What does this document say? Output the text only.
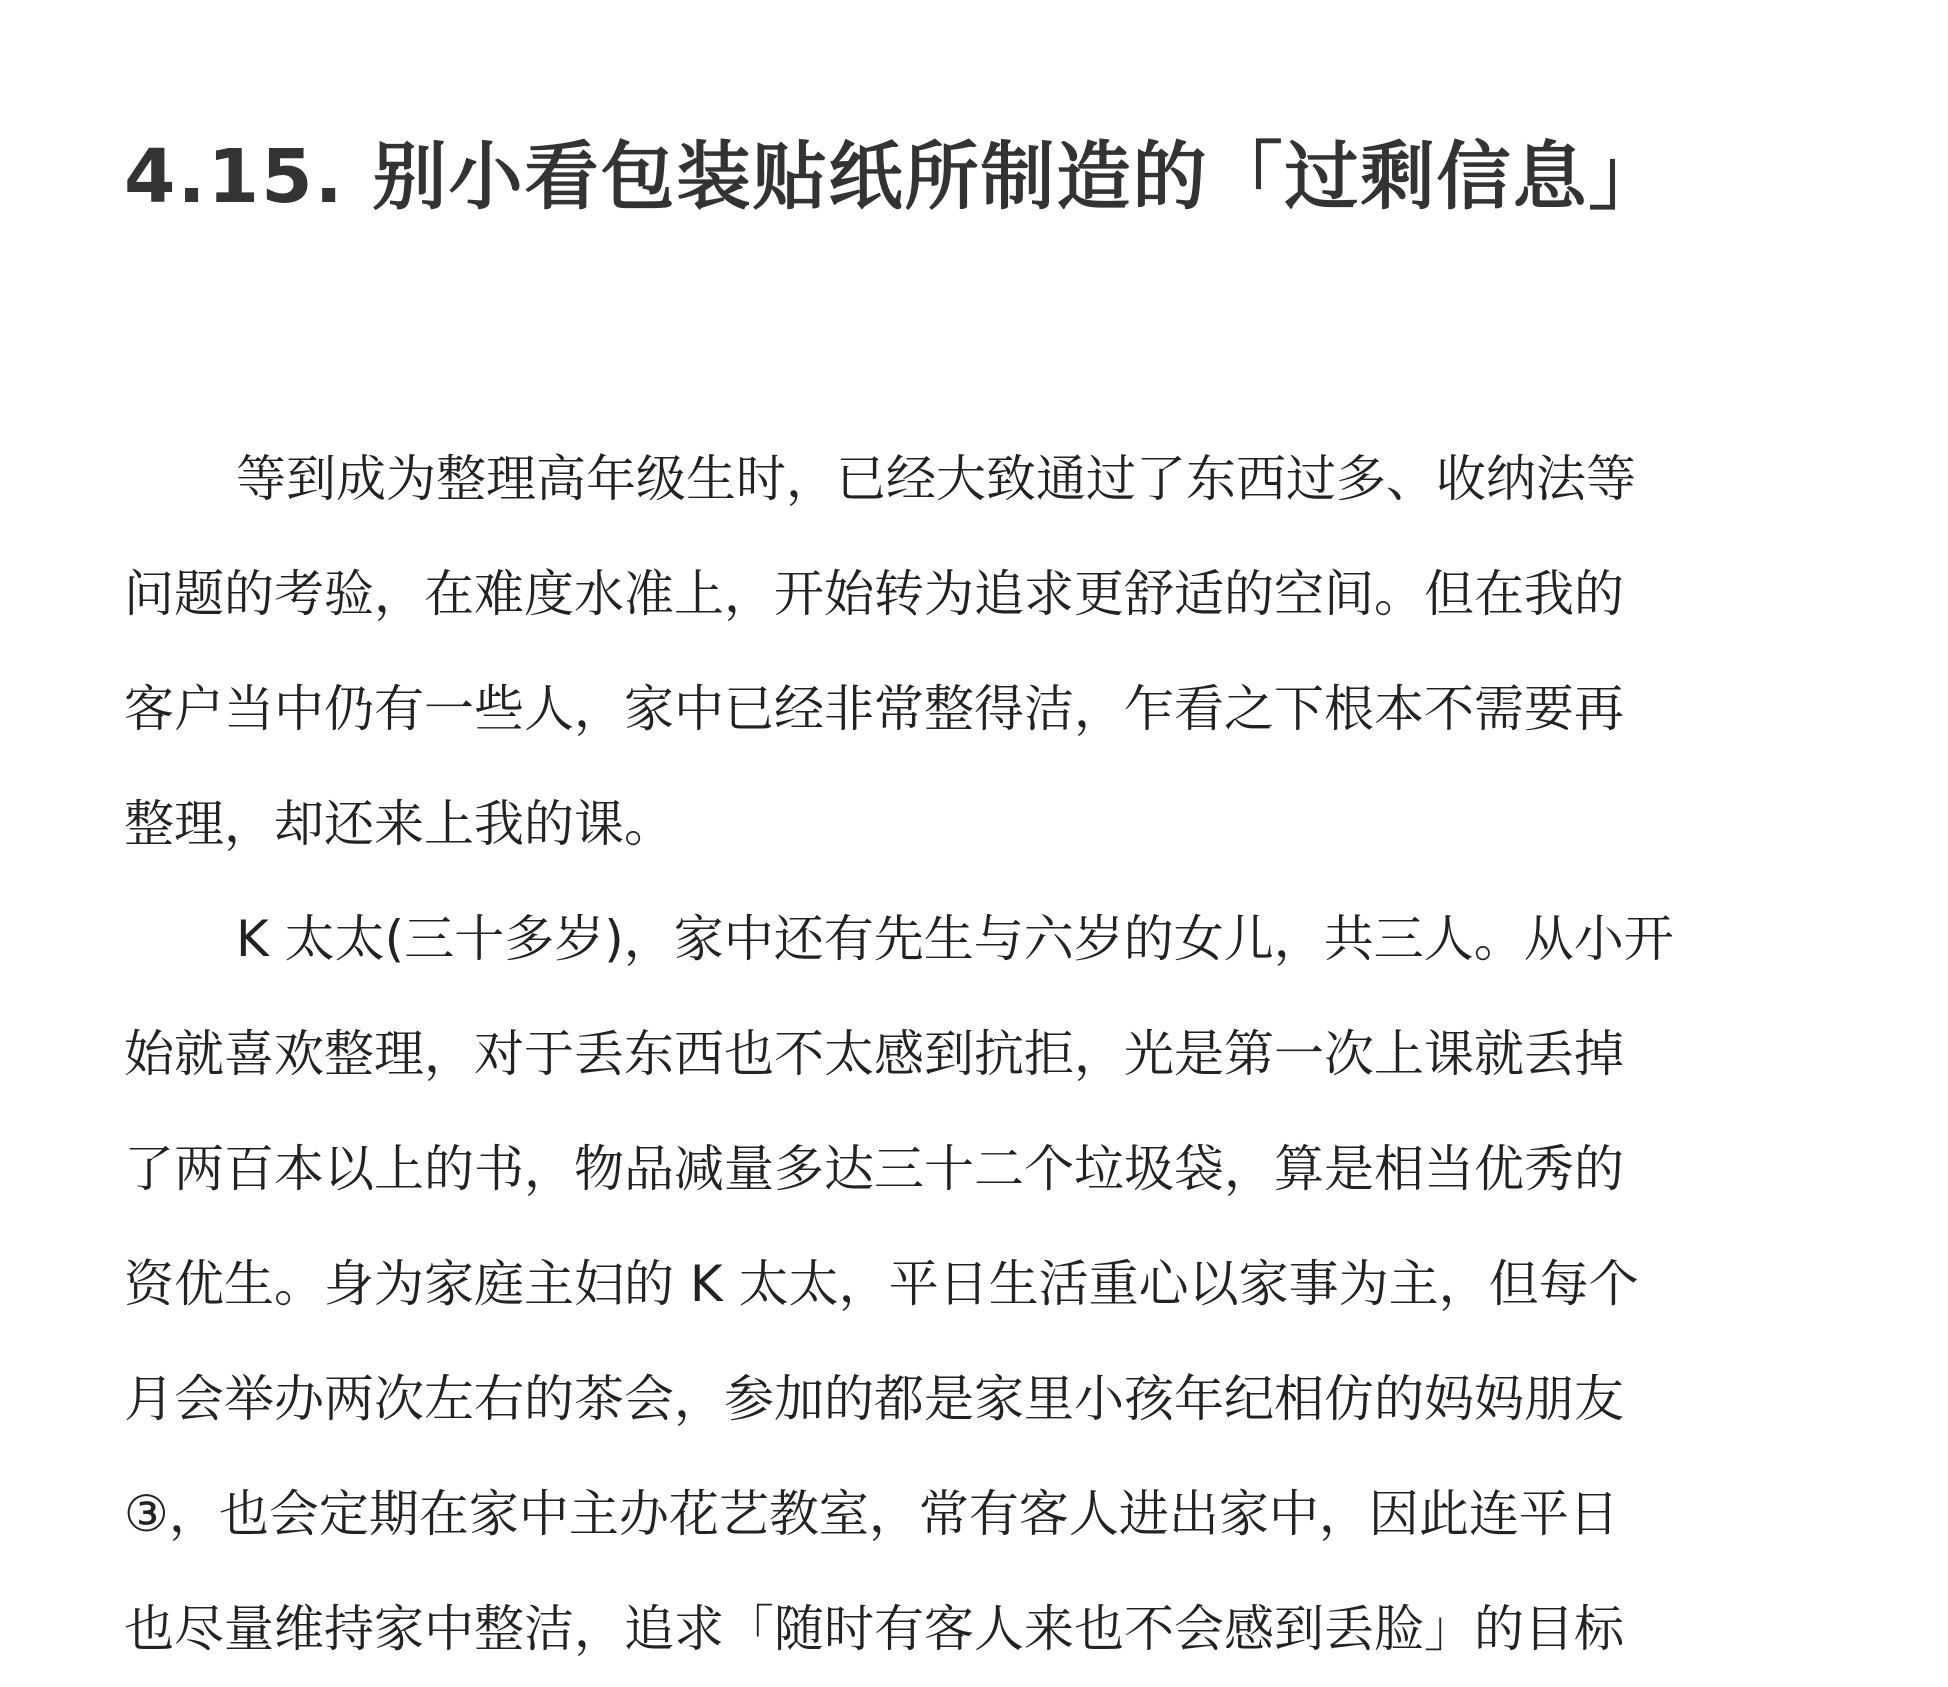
4.15. 别小看包装贴纸所制造的「过剩信息」
等到成为整理高年级生时，已经大致通过了东西过多、收纳法等
问题的考验，在难度水准上，开始转为追求更舒适的空间。但在我的
客户当中仍有一些人，家中已经非常整得洁，乍看之下根本不需要再
整理，却还来上我的课。
K 太太(三十多岁)，家中还有先生与六岁的女儿，共三人。从小开
始就喜欢整理，对于丢东西也不太感到抗拒，光是第一次上课就丢掉
了两百本以上的书，物品减量多达三十二个垃圾袋，算是相当优秀的
资优生。身为家庭主妇的 K 太太，平日生活重心以家事为主，但每个
月会举办两次左右的茶会，参加的都是家里小孩年纪相仿的妈妈朋友
③，也会定期在家中主办花艺教室，常有客人进出家中，因此连平日
也尽量维持家中整洁，追求「随时有客人来也不会感到丢脸」的目标
